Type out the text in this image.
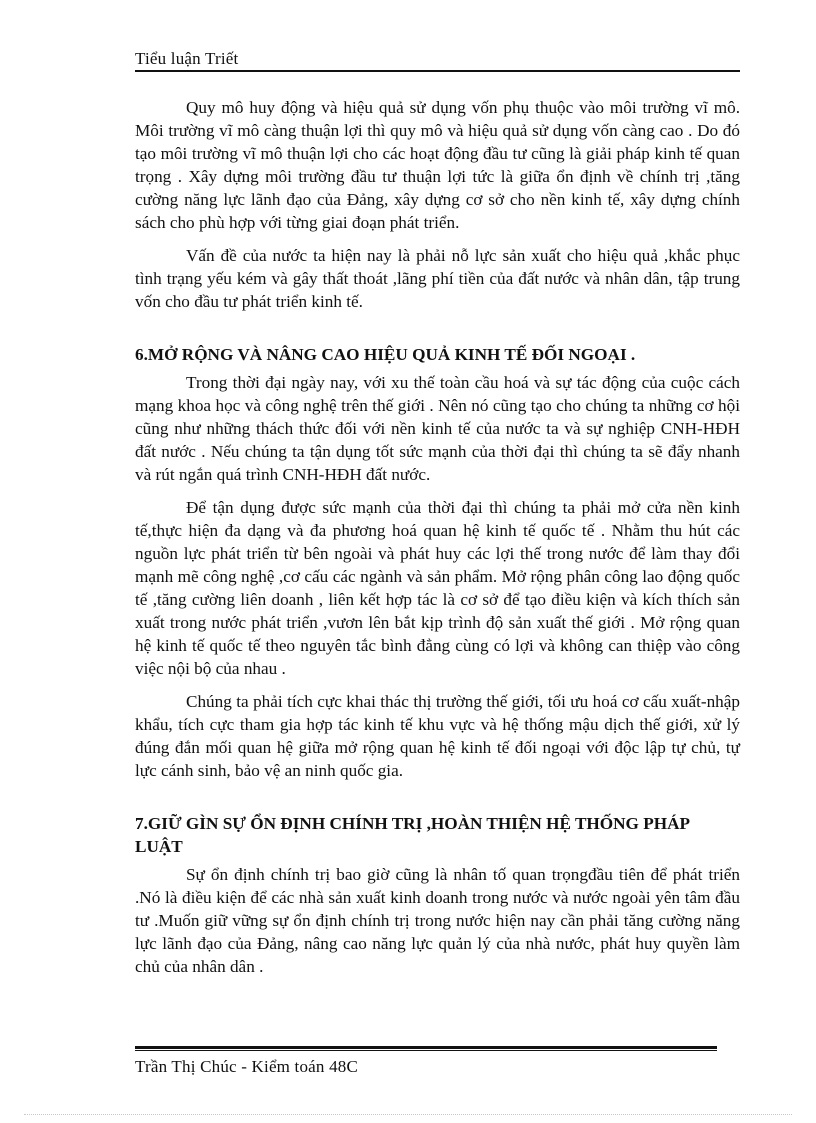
Tiểu luận Triết

Quy mô huy động và hiệu quả sử dụng vốn phụ thuộc vào môi trường vĩ mô. Môi trường vĩ mô càng thuận lợi thì quy mô và hiệu quả sử dụng vốn càng cao . Do đó tạo môi trường vĩ mô thuận lợi cho các hoạt động đầu tư cũng là giải pháp kinh tế quan trọng . Xây dựng môi trường đầu tư thuận lợi tức là giữa ổn định về chính trị ,tăng cường năng lực lãnh đạo của Đảng, xây dựng cơ sở cho nền kinh tế, xây dựng chính sách cho phù hợp với từng giai đoạn phát triển.

Vấn đề của nước ta hiện nay là phải nỗ lực sản xuất cho hiệu quả ,khắc phục tình trạng yếu kém và gây thất thoát ,lãng phí tiền của đất nước và nhân dân, tập trung vốn cho đầu tư phát triển kinh tế.

6.MỞ RỘNG VÀ NÂNG CAO HIỆU QUẢ KINH TẾ ĐỐI NGOẠI .

Trong thời đại ngày nay, với xu thế toàn cầu hoá và sự tác động của cuộc cách mạng khoa học và công nghệ trên thế giới . Nên nó cũng tạo cho chúng ta những cơ hội cũng như những thách thức đối với nền kinh tế của nước ta và sự nghiệp CNH-HĐH đất nước . Nếu chúng ta tận dụng tốt sức mạnh của thời đại thì chúng ta sẽ đẩy nhanh và rút ngắn quá trình CNH-HĐH đất nước.

Để tận dụng được sức mạnh của thời đại thì chúng ta phải mở cửa nền kinh tế,thực hiện đa dạng và đa phương hoá quan hệ kinh tế quốc tế . Nhằm thu hút các nguồn lực phát triển từ bên ngoài và phát huy các lợi thế trong nước để làm thay đổi mạnh mẽ công nghệ ,cơ cấu các ngành và sản phẩm. Mở rộng phân công lao động quốc tế ,tăng cường liên doanh , liên kết hợp tác là cơ sở để tạo điều kiện và kích thích sản xuất trong nước phát triển ,vươn lên bắt kịp trình độ sản xuất thế giới . Mở rộng quan hệ kinh tế quốc tế theo nguyên tắc bình đẳng cùng có lợi và không can thiệp vào công việc nội bộ của nhau .

Chúng ta phải tích cực khai thác thị trường thế giới, tối ưu hoá cơ cấu xuất-nhập khẩu, tích cực tham gia hợp tác kinh tế khu vực và hệ thống mậu dịch thế giới, xử lý đúng đắn mối quan hệ giữa mở rộng quan hệ kinh tế đối ngoại với độc lập tự chủ, tự lực cánh sinh, bảo vệ an ninh quốc gia.

7.GIỮ GÌN SỰ ỔN ĐỊNH CHÍNH TRỊ ,HOÀN THIỆN HỆ THỐNG PHÁP LUẬT

Sự ổn định chính trị bao giờ cũng là nhân tố quan trọngđầu tiên để phát triển .Nó là điều kiện để các nhà sản xuất kinh doanh trong nước và nước ngoài yên tâm đầu tư .Muốn giữ vững sự ổn định chính trị trong nước hiện nay cần phải tăng cường năng lực lãnh đạo của Đảng, nâng cao năng lực quản lý của nhà nước, phát huy quyền làm chủ của nhân dân .

Trần Thị Chúc - Kiểm toán 48C
